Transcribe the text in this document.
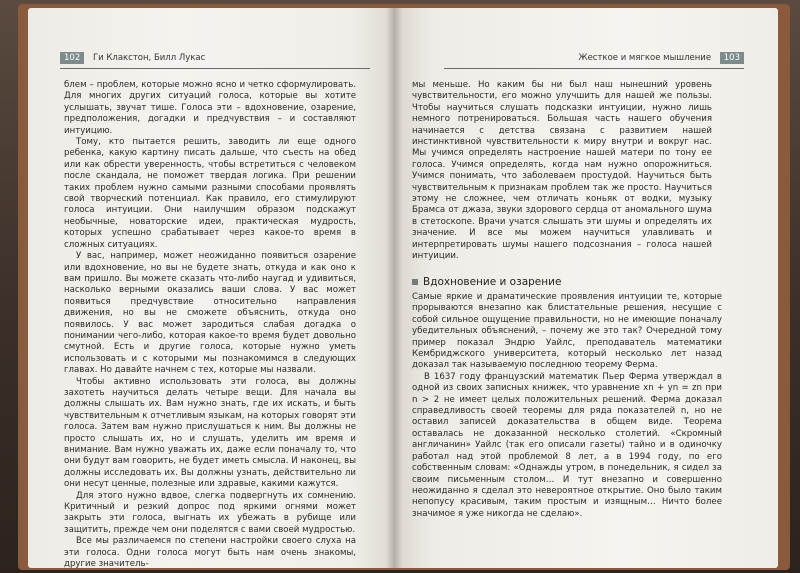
102 Ги Клакстон, Билл Лукас

блем – проблем, которые можно ясно и четко сформулировать. Для многих других ситуаций голоса, которые вы хотите услышать, звучат тише. Голоса эти – вдохновение, озарение, предположения, догадки и предчувствия – и составляют интуицию.

Тому, кто пытается решить, заводить ли еще одного ребенка, какую картину писать дальше, что съесть на обед или как обрести уверенность, чтобы встретиться с человеком после скандала, не поможет твердая логика. При решении таких проблем нужно самыми разными способами проявлять свой творческий потенциал. Как правило, его стимулируют голоса интуиции. Они наилучшим образом подскажут необычные, новаторские идеи, практическая мудрость, которых успешно срабатывает через какое-то время в сложных ситуациях.

У вас, например, может неожиданно появиться озарение или вдохновение, но вы не будете знать, откуда и как оно к вам пришло. Вы можете сказать что-либо наугад и удивиться, насколько верными оказались ваши слова. У вас может появиться предчувствие относительно направления движения, но вы не сможете объяснить, откуда оно появилось. У вас может зародиться слабая догадка о понимании чего-либо, которая какое-то время будет довольно смутной. Есть и другие голоса, которые нужно уметь использовать и с которыми мы познакомимся в следующих главах. Но давайте начнем с тех, которые мы назвали.

Чтобы активно использовать эти голоса, вы должны захотеть научиться делать четыре вещи. Для начала вы должны слышать их. Вам нужно знать, где их искать, и быть чувствительным к отчетливым языкам, на которых говорят эти голоса. Затем вам нужно прислушаться к ним. Вы должны не просто слышать их, но и слушать, уделить им время и внимание. Вам нужно уважать их, даже если поначалу то, что они будут вам говорить, не будет иметь смысла. И наконец, вы должны исследовать их. Вы должны узнать, действительно ли они несут ценные, полезные или здравые, какими кажутся.

Для этого нужно вдвое, слегка подвергнуть их сомнению. Критичный и резкий допрос под яркими огнями может закрыть эти голоса, выгнать их убежать в рубище или защитить, прежде чем они поделятся с вами своей мудростью.

Все мы различаемся по степени настройки своего слуха на эти голоса. Одни голоса могут быть нам очень знакомы, другие значитель-

Жесткое и мягкое мышление 103

мы меньше. Но каким бы ни был наш нынешний уровень чувствительности, его можно улучшить для нашей же пользы. Чтобы научиться слушать подсказки интуиции, нужно лишь немного потренироваться. Большая часть нашего обучения начинается с детства связана с развитием нашей инстинктивной чувствительности к миру внутри и вокруг нас. Мы учимся определять настроение нашей матери по тону ее голоса. Учимся определять, когда нам нужно опорожниться. Учимся понимать, что заболеваем простудой. Научиться быть чувствительным к признакам проблем так же просто. Научиться этому не сложнее, чем отличать коньяк от водки, музыку Брамса от джаза, звуки здорового сердца от аномального шума в стетоскопе. Врачи учатся слышать эти шумы и определять их значение. И все мы можем научиться улавливать и интерпретировать шумы нашего подсознания – голоса нашей интуиции.

Вдохновение и озарение

Самые яркие и драматические проявления интуиции те, которые прорываются внезапно как блистательные решения, несущие с собой сильное ощущение правильности, но не имеющие поначалу убедительных объяснений, – почему же это так? Очередной тому пример показал Эндрю Уайлс, преподаватель математики Кембриджского университета, который несколько лет назад доказал так называемую последнюю теорему Ферма.

В 1637 году французский математик Пьер Ферма утверждал в одной из своих записных книжек, что уравнение xn + yn = zn при n > 2 не имеет целых положительных решений. Ферма доказал справедливость своей теоремы для ряда показателей n, но не оставил записей доказательства в общем виде. Теорема оставалась не доказанной несколько столетий. «Скромный англичанин» Уайлс (так его описали газеты) тайно и в одиночку работал над этой проблемой 8 лет, а в 1994 году, по его собственным словам: «Однажды утром, в понедельник, я сидел за своим письменным столом… И тут внезапно и совершенно неожиданно я сделал это невероятное открытие. Оно было таким непопусу красивым, таким простым и изящным… Ничто более значимое я уже никогда не сделаю».
